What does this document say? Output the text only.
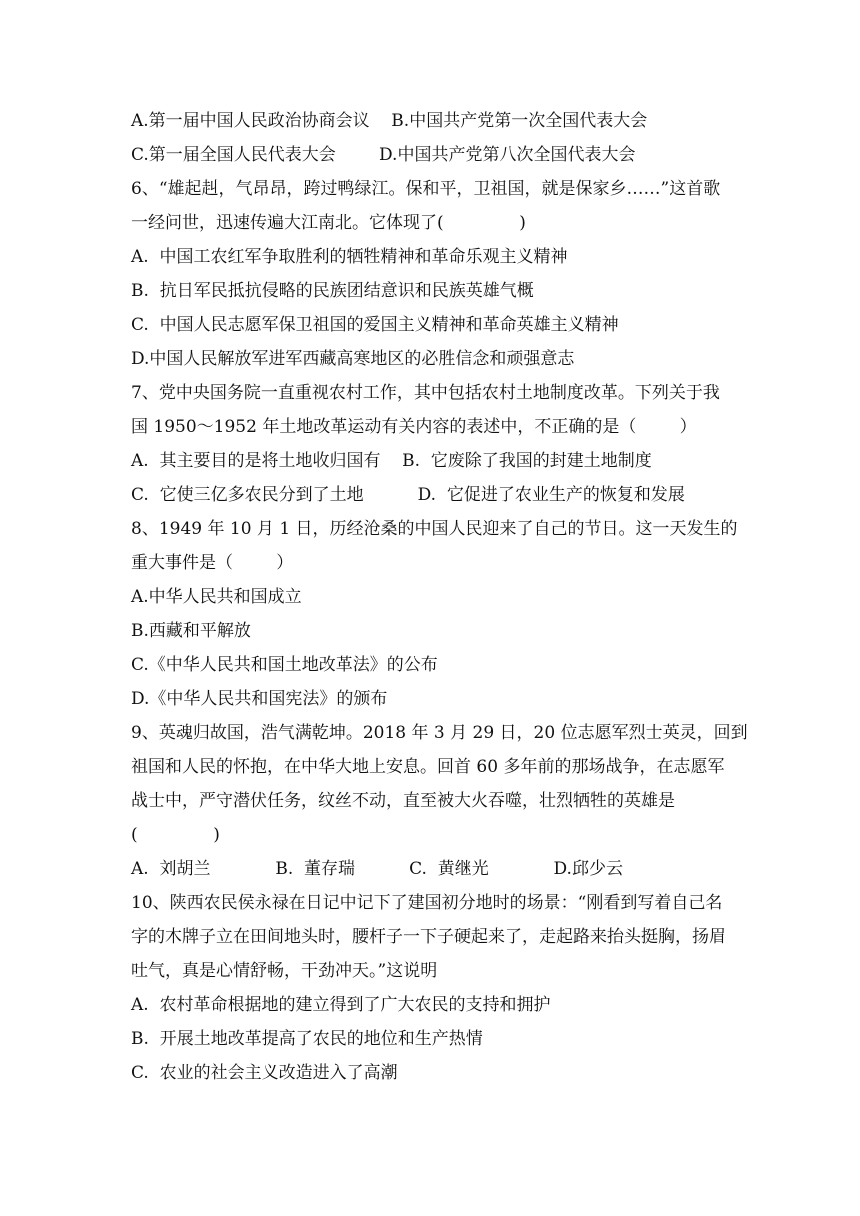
A.第一届中国人民政治协商会议    B.中国共产党第一次全国代表大会
C.第一届全国人民代表大会        D.中国共产党第八次全国代表大会
6、“雄起赳，气昂昂，跨过鸭绿江。保和平，卫祖国，就是保家乡……”这首歌
一经问世，迅速传遍大江南北。它体现了(              )
A.  中国工农红军争取胜利的牺牲精神和革命乐观主义精神
B.  抗日军民抵抗侵略的民族团结意识和民族英雄气概
C.  中国人民志愿军保卫祖国的爱国主义精神和革命英雄主义精神
D.中国人民解放军进军西藏高寒地区的必胜信念和顽强意志
7、党中央国务院一直重视农村工作，其中包括农村土地制度改革。下列关于我
国 1950～1952 年土地改革运动有关内容的表述中，不正确的是（        ）
A.  其主要目的是将土地收归国有    B.  它废除了我国的封建土地制度
C.  它使三亿多农民分到了土地          D.  它促进了农业生产的恢复和发展
8、1949 年 10 月 1 日，历经沧桑的中国人民迎来了自己的节日。这一天发生的
重大事件是（        ）
A.中华人民共和国成立
B.西藏和平解放
C.《中华人民共和国土地改革法》的公布
D.《中华人民共和国宪法》的颁布
9、英魂归故国，浩气满乾坤。2018 年 3 月 29 日，20 位志愿军烈士英灵，回到
祖国和人民的怀抱，在中华大地上安息。回首 60 多年前的那场战争，在志愿军
战士中，严守潜伏任务，纹丝不动，直至被大火吞噬，壮烈牺牲的英雄是
(              )
A.  刘胡兰            B.  董存瑞          C.  黄继光            D.邱少云
10、陕西农民侯永禄在日记中记下了建国初分地时的场景：“刚看到写着自己名
字的木牌子立在田间地头时，腰杆子一下子硬起来了，走起路来抬头挺胸，扬眉
吐气，真是心情舒畅，干劲冲天。”这说明
A.  农村革命根据地的建立得到了广大农民的支持和拥护
B.  开展土地改革提高了农民的地位和生产热情
C.  农业的社会主义改造进入了高潮
